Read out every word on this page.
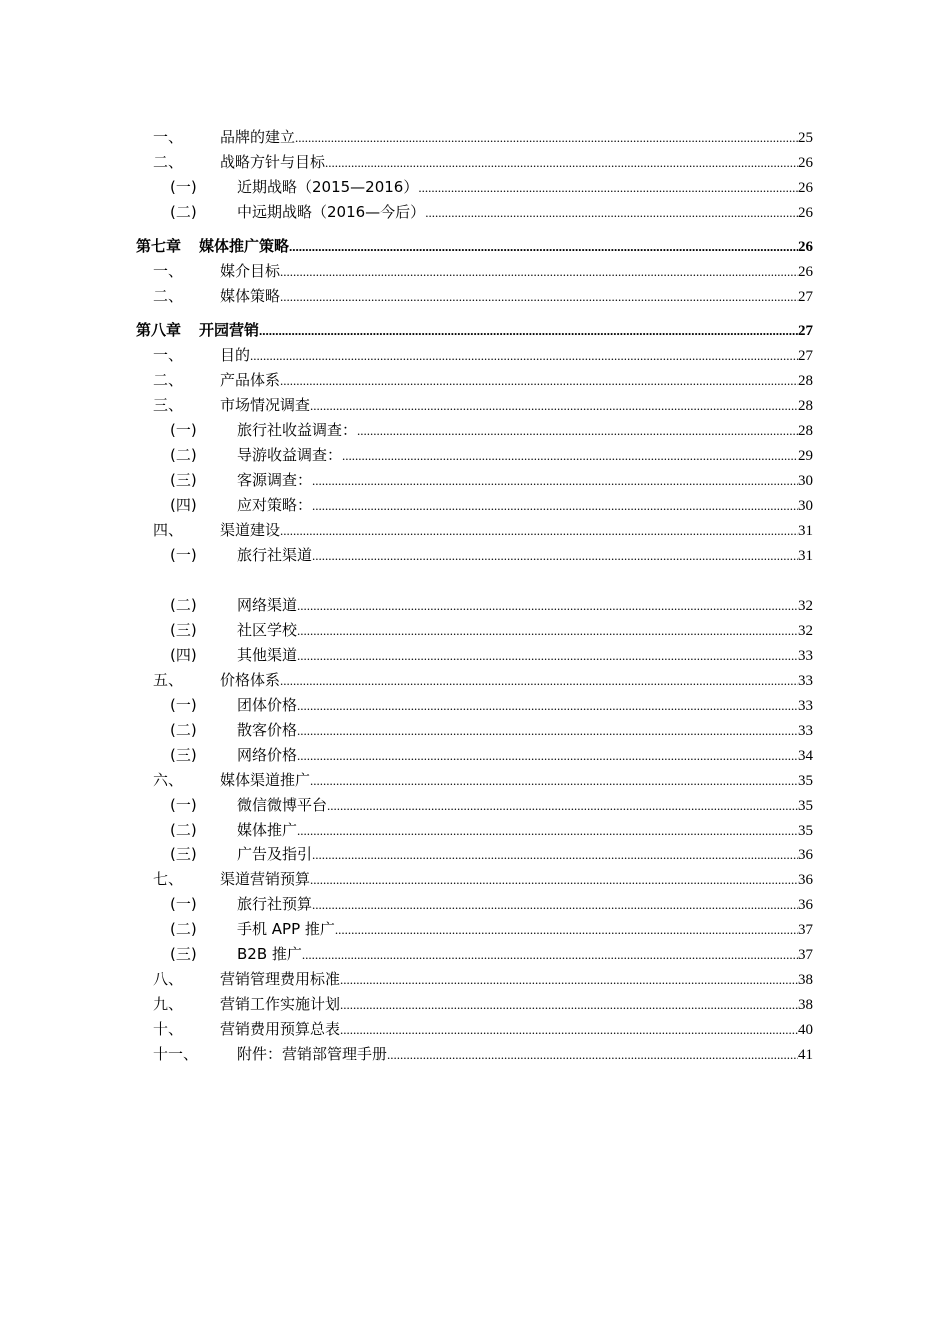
一、 品牌的建立 .....	25
二、 战略方针与目标 .....	26
(一)	近期战略（2015—2016） .....	26
(二)	中远期战略（2016—今后） .....	26
第七章 媒体推广策略 .....	26
一、 媒介目标 .....	26
二、 媒体策略 .....	27
第八章 开园营销 .....	27
一、 目的 .....	27
二、 产品体系 .....	28
三、 市场情况调查 .....	28
(一)	旅行社收益调查： .....	28
(二)	导游收益调查： .....	29
(三)	客源调查： .....	30
(四)	应对策略： .....	30
四、 渠道建设 .....	31
(一)	旅行社渠道 .....	31
(二)	网络渠道 .....	32
(三)	社区学校 .....	32
(四)	其他渠道 .....	33
五、 价格体系 .....	33
(一)	团体价格 .....	33
(二)	散客价格 .....	33
(三)	网络价格 .....	34
六、 媒体渠道推广 .....	35
(一)	微信微博平台 .....	35
(二)	媒体推广 .....	35
(三)	广告及指引 .....	36
七、 渠道营销预算 .....	36
(一)	旅行社预算 .....	36
(二)	手机 APP 推广 .....	37
(三)	B2B 推广 .....	37
八、 营销管理费用标准 .....	38
九、 营销工作实施计划 .....	38
十、 营销费用预算总表 .....	40
十一、	附件：营销部管理手册 .....	41
